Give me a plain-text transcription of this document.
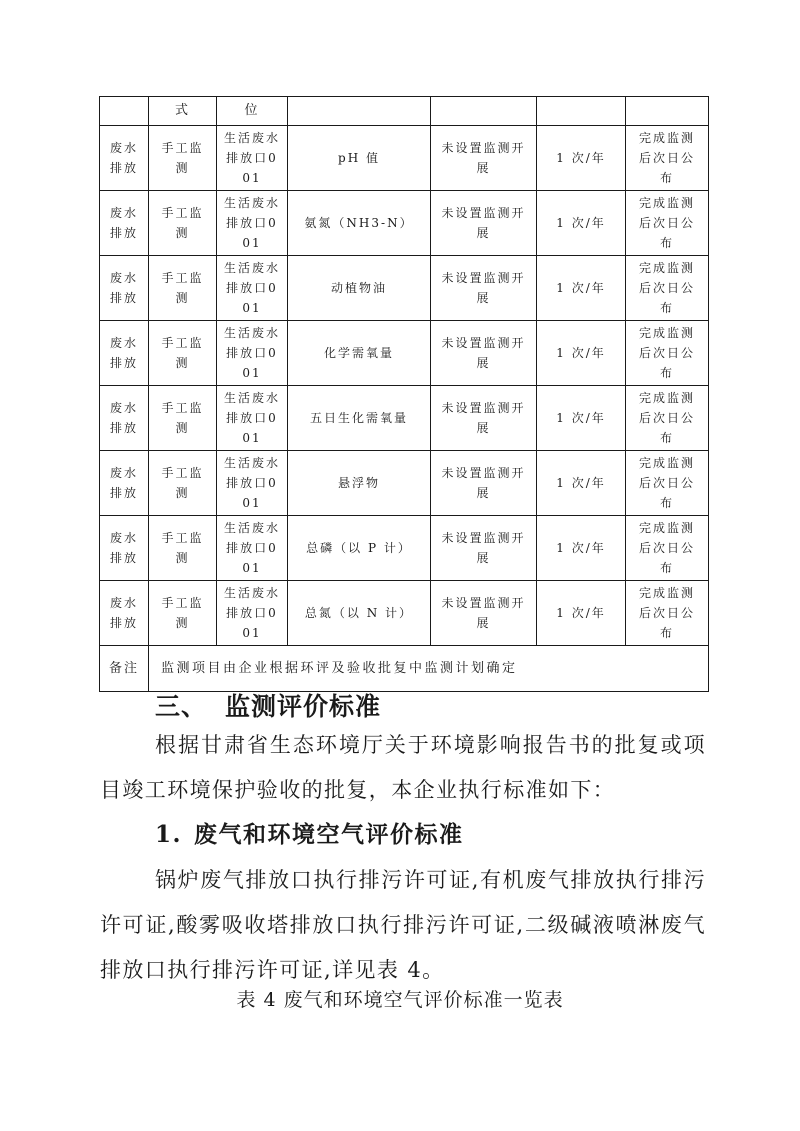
	式	位				
废水排放	手工监测	生活废水排放口001	pH 值	未设置监测开展	1 次/年	完成监测后次日公布
废水排放	手工监测	生活废水排放口001	氨氮（NH3-N）	未设置监测开展	1 次/年	完成监测后次日公布
废水排放	手工监测	生活废水排放口001	动植物油	未设置监测开展	1 次/年	完成监测后次日公布
废水排放	手工监测	生活废水排放口001	化学需氧量	未设置监测开展	1 次/年	完成监测后次日公布
废水排放	手工监测	生活废水排放口001	五日生化需氧量	未设置监测开展	1 次/年	完成监测后次日公布
废水排放	手工监测	生活废水排放口001	悬浮物	未设置监测开展	1 次/年	完成监测后次日公布
废水排放	手工监测	生活废水排放口001	总磷（以 P 计）	未设置监测开展	1 次/年	完成监测后次日公布
废水排放	手工监测	生活废水排放口001	总氮（以 N 计）	未设置监测开展	1 次/年	完成监测后次日公布
备注	监测项目由企业根据环评及验收批复中监测计划确定					
三、 监测评价标准

根据甘肃省生态环境厅关于环境影响报告书的批复或项目竣工环境保护验收的批复，本企业执行标准如下：

1. 废气和环境空气评价标准

锅炉废气排放口执行排污许可证,有机废气排放执行排污许可证,酸雾吸收塔排放口执行排污许可证,二级碱液喷淋废气排放口执行排污许可证,详见表 4。

表 4 废气和环境空气评价标准一览表
